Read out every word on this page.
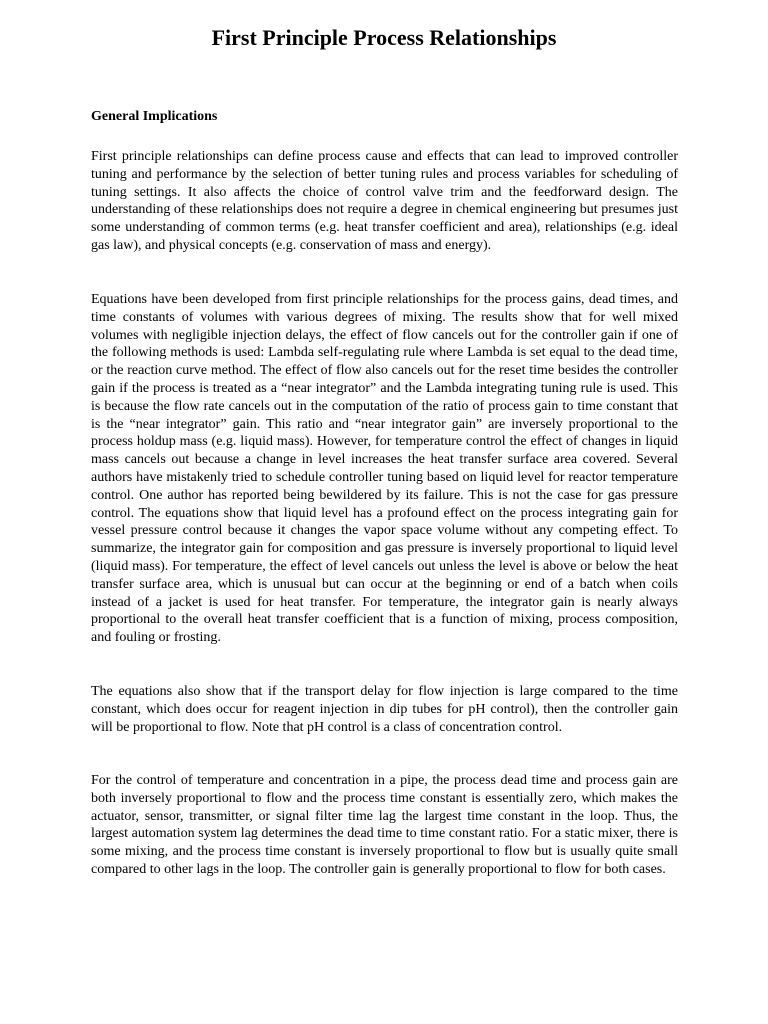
First Principle Process Relationships
General Implications

First principle relationships can define process cause and effects that can lead to improved controller tuning and performance by the selection of better tuning rules and process variables for scheduling of tuning settings. It also affects the choice of control valve trim and the feedforward design. The understanding of these relationships does not require a degree in chemical engineering but presumes just some understanding of common terms (e.g. heat transfer coefficient and area), relationships (e.g. ideal gas law), and physical concepts (e.g. conservation of mass and energy).

Equations have been developed from first principle relationships for the process gains, dead times, and time constants of volumes with various degrees of mixing. The results show that for well mixed volumes with negligible injection delays, the effect of flow cancels out for the controller gain if one of the following methods is used: Lambda self-regulating rule where Lambda is set equal to the dead time, or the reaction curve method. The effect of flow also cancels out for the reset time besides the controller gain if the process is treated as a “near integrator” and the Lambda integrating tuning rule is used. This is because the flow rate cancels out in the computation of the ratio of process gain to time constant that is the “near integrator” gain. This ratio and “near integrator gain” are inversely proportional to the process holdup mass (e.g. liquid mass). However, for temperature control the effect of changes in liquid mass cancels out because a change in level increases the heat transfer surface area covered. Several authors have mistakenly tried to schedule controller tuning based on liquid level for reactor temperature control. One author has reported being bewildered by its failure. This is not the case for gas pressure control. The equations show that liquid level has a profound effect on the process integrating gain for vessel pressure control because it changes the vapor space volume without any competing effect. To summarize, the integrator gain for composition and gas pressure is inversely proportional to liquid level (liquid mass). For temperature, the effect of level cancels out unless the level is above or below the heat transfer surface area, which is unusual but can occur at the beginning or end of a batch when coils instead of a jacket is used for heat transfer. For temperature, the integrator gain is nearly always proportional to the overall heat transfer coefficient that is a function of mixing, process composition, and fouling or frosting.

The equations also show that if the transport delay for flow injection is large compared to the time constant, which does occur for reagent injection in dip tubes for pH control), then the controller gain will be proportional to flow. Note that pH control is a class of concentration control.

For the control of temperature and concentration in a pipe, the process dead time and process gain are both inversely proportional to flow and the process time constant is essentially zero, which makes the actuator, sensor, transmitter, or signal filter time lag the largest time constant in the loop. Thus, the largest automation system lag determines the dead time to time constant ratio. For a static mixer, there is some mixing, and the process time constant is inversely proportional to flow but is usually quite small compared to other lags in the loop. The controller gain is generally proportional to flow for both cases.
